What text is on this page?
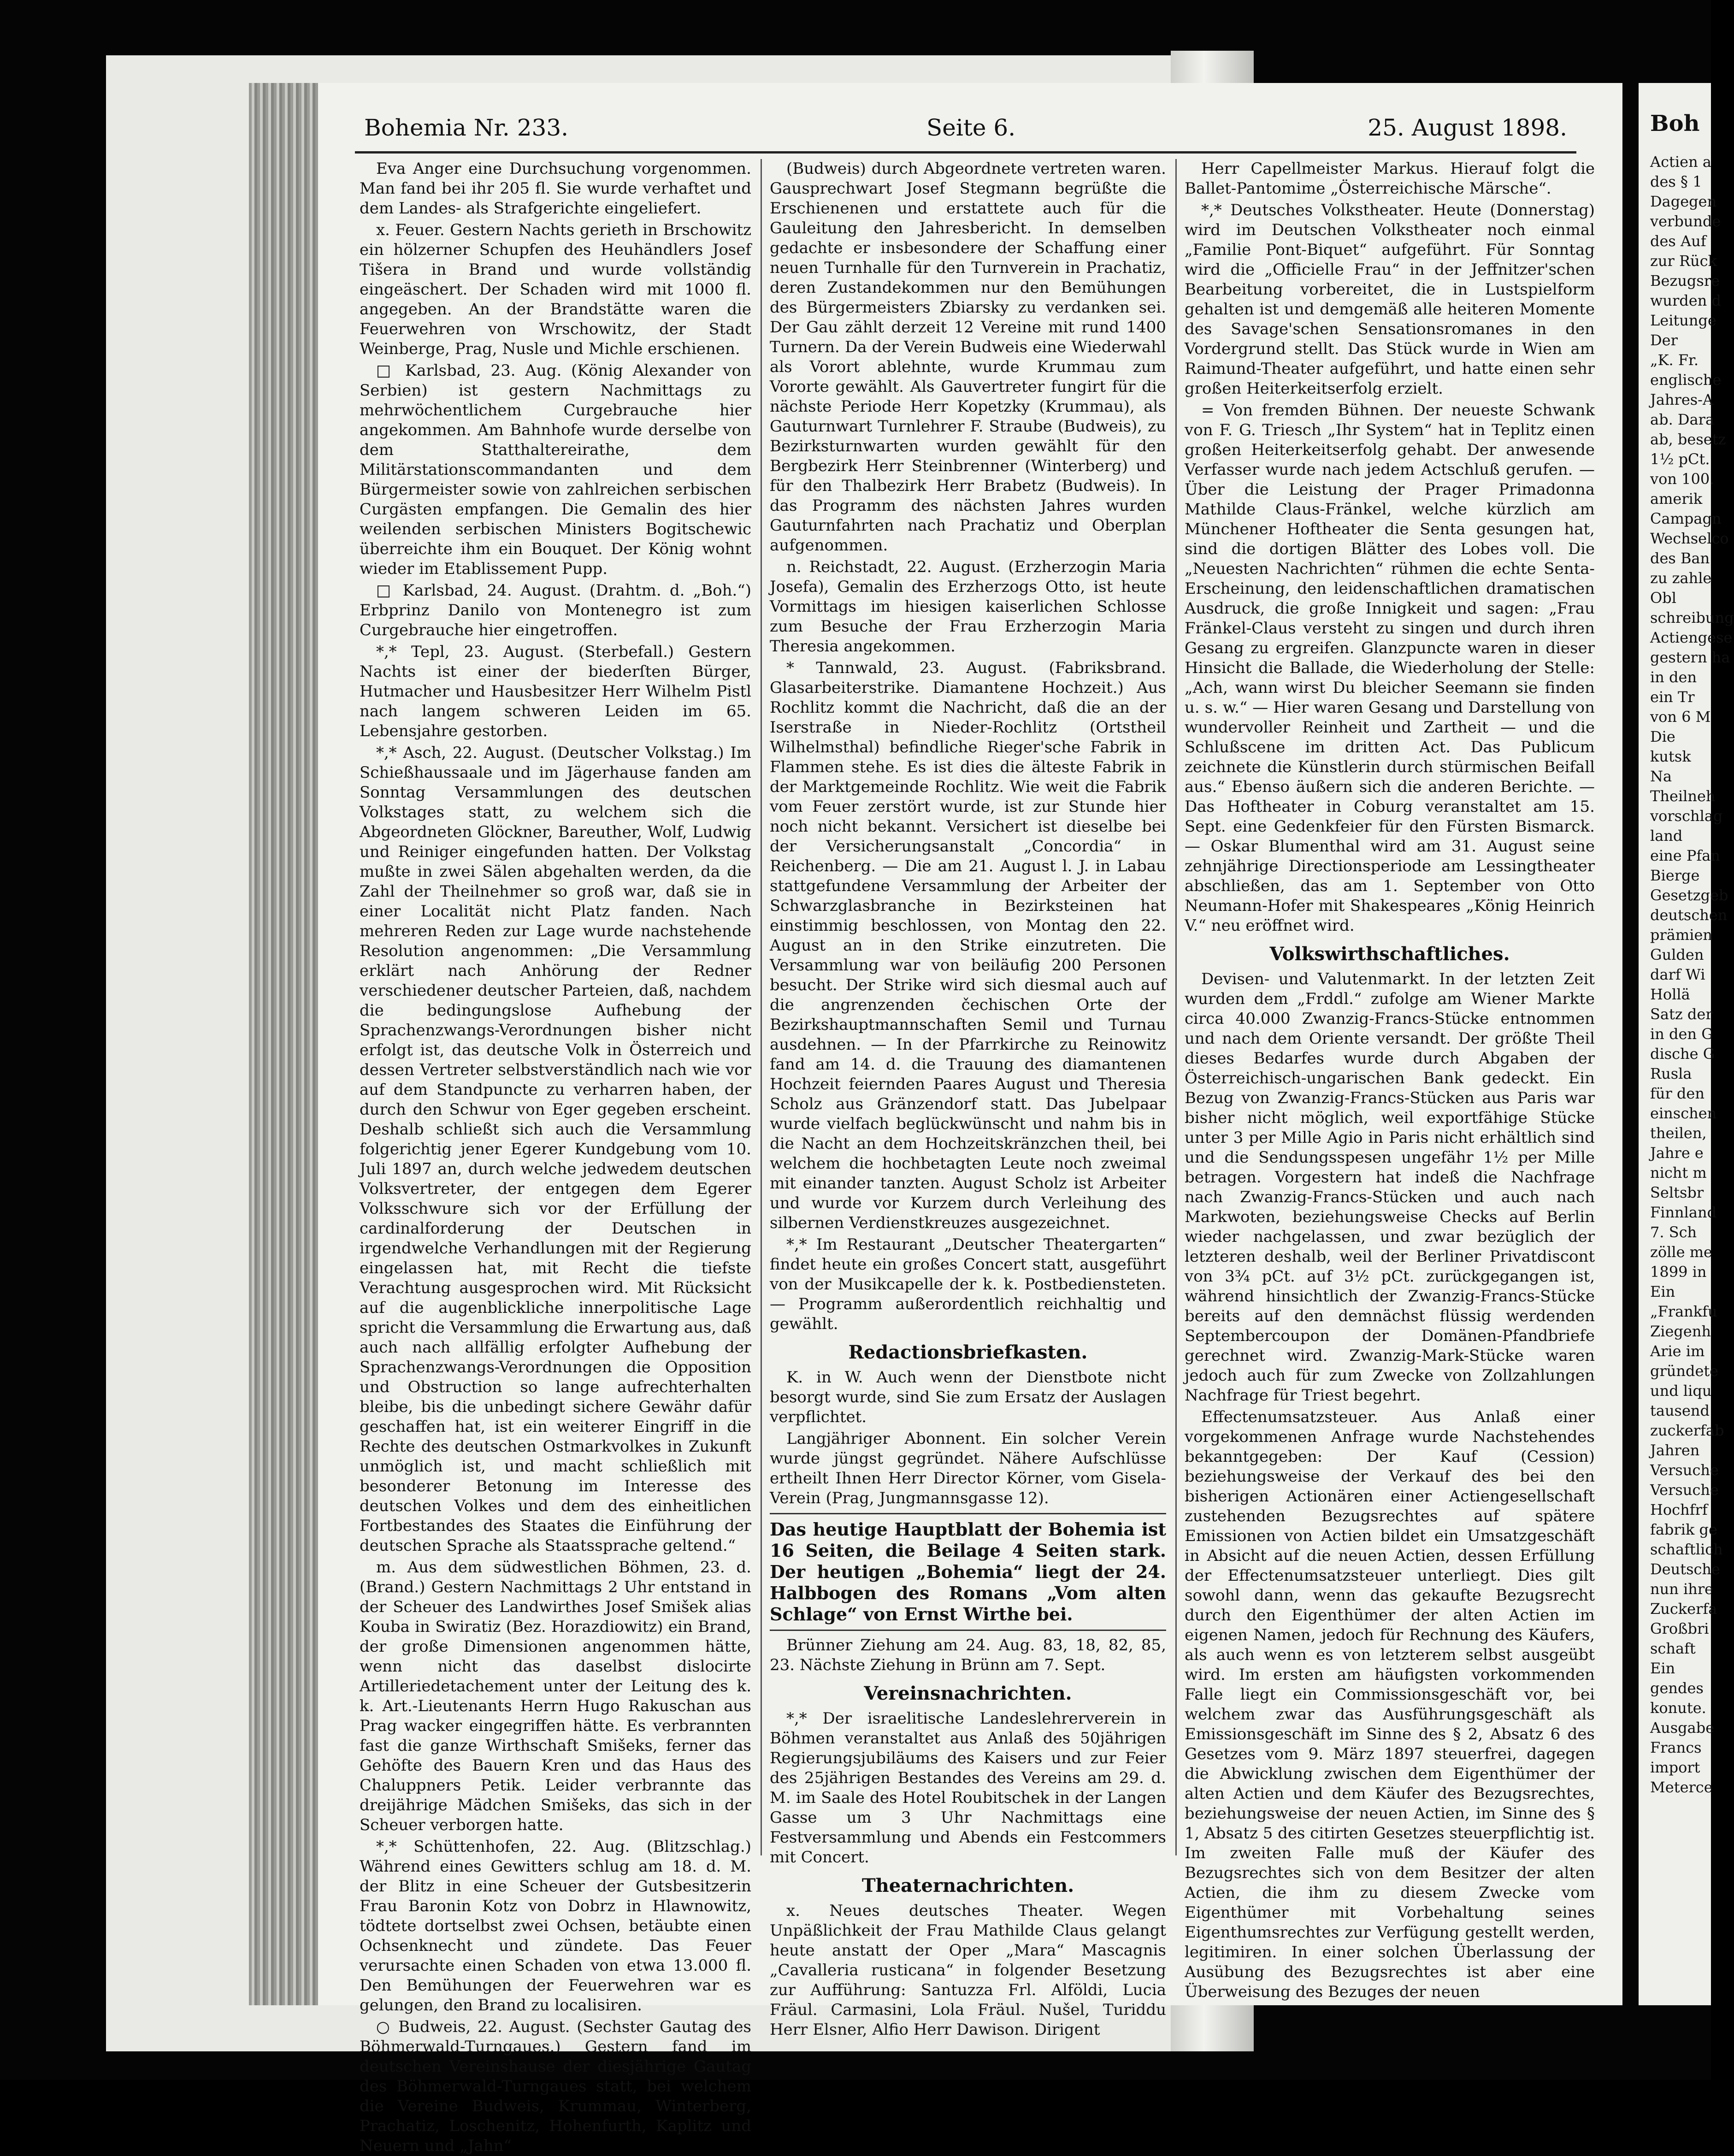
Bohemia Nr. 233.	Seite 6.	25. August 1898.

Eva Anger eine Durchsuchung vorgenommen. Man fand bei ihr 205 fl. Sie wurde verhaftet und dem Landes- als Strafgerichte eingeliefert.

x. Feuer. Gestern Nachts gerieth in Brschowitz ein hölzerner Schupfen des Heuhändlers Josef Tišera in Brand und wurde vollständig eingeäschert. Der Schaden wird mit 1000 fl. angegeben. An der Brandstätte waren die Feuerwehren von Wrschowitz, der Stadt Weinberge, Prag, Nusle und Michle erschienen.

□ Karlsbad, 23. Aug. (König Alexander von Serbien) ist gestern Nachmittags zu mehrwöchentlichem Curgebrauche hier angekommen. Am Bahnhofe wurde derselbe von dem Statthaltereirathe, dem Militärstationscommandanten und dem Bürgermeister sowie von zahlreichen serbischen Curgästen empfangen. Die Gemalin des hier weilenden serbischen Ministers Bogitschewic überreichte ihm ein Bouquet. Der König wohnt wieder im Etablissement Pupp.

□ Karlsbad, 24. August. (Drahtm. d. „Boh.“) Erbprinz Danilo von Montenegro ist zum Curgebrauche hier eingetroffen.

*,* Tepl, 23. August. (Sterbefall.) Gestern Nachts ist einer der biederſten Bürger, Hutmacher und Hausbesitzer Herr Wilhelm Pistl nach langem schweren Leiden im 65. Lebensjahre gestorben.

*,* Asch, 22. August. (Deutscher Volkstag.) Im Schießhaussaale und im Jägerhause fanden am Sonntag Versammlungen des deutschen Volkstages statt, zu welchem sich die Abgeordneten Glöckner, Bareuther, Wolf, Ludwig und Reiniger eingefunden hatten. Der Volkstag mußte in zwei Sälen abgehalten werden, da die Zahl der Theilnehmer so groß war, daß sie in einer Localität nicht Platz fanden. Nach mehreren Reden zur Lage wurde nachstehende Resolution angenommen: „Die Versammlung erklärt nach Anhörung der Redner verschiedener deutscher Parteien, daß, nachdem die bedingungslose Aufhebung der Sprachenzwangs-Verordnungen bisher nicht erfolgt ist, das deutsche Volk in Österreich und dessen Vertreter selbstverständlich nach wie vor auf dem Standpuncte zu verharren haben, der durch den Schwur von Eger gegeben erscheint. Deshalb schließt sich auch die Versammlung folgerichtig jener Egerer Kundgebung vom 10. Juli 1897 an, durch welche jedwedem deutschen Volksvertreter, der entgegen dem Egerer Volksschwure sich vor der Erfüllung der cardinalforderung der Deutschen in irgendwelche Verhandlungen mit der Regierung eingelassen hat, mit Recht die tiefste Verachtung ausgesprochen wird. Mit Rücksicht auf die augenblickliche innerpolitische Lage spricht die Versammlung die Erwartung aus, daß auch nach allfällig erfolgter Aufhebung der Sprachenzwangs-Verordnungen die Opposition und Obstruction so lange aufrechterhalten bleibe, bis die unbedingt sichere Gewähr dafür geschaffen hat, ist ein weiterer Eingriff in die Rechte des deutschen Ostmarkvolkes in Zukunft unmöglich ist, und macht schließlich mit besonderer Betonung im Interesse des deutschen Volkes und dem des einheitlichen Fortbestandes des Staates die Einführung der deutschen Sprache als Staatssprache geltend.“

m. Aus dem südwestlichen Böhmen, 23. d. (Brand.) Gestern Nachmittags 2 Uhr entstand in der Scheuer des Landwirthes Josef Smišek alias Kouba in Swiratiz (Bez. Horazdiowitz) ein Brand, der große Dimensionen angenommen hätte, wenn nicht das daselbst dislocirte Artilleriedetachement unter der Leitung des k. k. Art.-Lieutenants Herrn Hugo Rakuschan aus Prag wacker eingegriffen hätte. Es verbrannten fast die ganze Wirthschaft Smišeks, ferner das Gehöfte des Bauern Kren und das Haus des Chaluppners Petik. Leider verbrannte das dreijährige Mädchen Smišeks, das sich in der Scheuer verborgen hatte.

*,* Schüttenhofen, 22. Aug. (Blitzschlag.) Während eines Gewitters schlug am 18. d. M. der Blitz in eine Scheuer der Gutsbesitzerin Frau Baronin Kotz von Dobrz in Hlawnowitz, tödtete dortselbst zwei Ochsen, betäubte einen Ochsenknecht und zündete. Das Feuer verursachte einen Schaden von etwa 13.000 fl. Den Bemühungen der Feuerwehren war es gelungen, den Brand zu localisiren.

○ Budweis, 22. August. (Sechster Gautag des Böhmerwald-Turngaues.) Gestern fand im deutschen Vereinshause der diesjährige Gautag des Böhmerwald-Turngaues statt, bei welchem die Vereine Budweis, Krummau, Winterberg, Prachatiz, Loschenitz, Hohenfurth, Kaplitz und Neuern und „Jahn“

(Budweis) durch Abgeordnete vertreten waren. Gausprechwart Josef Stegmann begrüßte die Erschienenen und erstattete auch für die Gauleitung den Jahresbericht. In demselben gedachte er insbesondere der Schaffung einer neuen Turnhalle für den Turnverein in Prachatiz, deren Zustandekommen nur den Bemühungen des Bürgermeisters Zbiarsky zu verdanken sei. Der Gau zählt derzeit 12 Vereine mit rund 1400 Turnern. Da der Verein Budweis eine Wiederwahl als Vorort ablehnte, wurde Krummau zum Vororte gewählt. Als Gauvertreter fungirt für die nächste Periode Herr Kopetzky (Krummau), als Gauturnwart Turnlehrer F. Straube (Budweis), zu Bezirksturnwarten wurden gewählt für den Bergbezirk Herr Steinbrenner (Winterberg) und für den Thalbezirk Herr Brabetz (Budweis). In das Programm des nächsten Jahres wurden Gauturnfahrten nach Prachatiz und Oberplan aufgenommen.

n. Reichstadt, 22. August. (Erzherzogin Maria Josefa), Gemalin des Erzherzogs Otto, ist heute Vormittags im hiesigen kaiserlichen Schlosse zum Besuche der Frau Erzherzogin Maria Theresia angekommen.

* Tannwald, 23. August. (Fabriksbrand. Glasarbeiterstrike. Diamantene Hochzeit.) Aus Rochlitz kommt die Nachricht, daß die an der Iserstraße in Nieder-Rochlitz (Ortstheil Wilhelmsthal) befindliche Rieger'sche Fabrik in Flammen stehe. Es ist dies die älteste Fabrik in der Marktgemeinde Rochlitz. Wie weit die Fabrik vom Feuer zerstört wurde, ist zur Stunde hier noch nicht bekannt. Versichert ist dieselbe bei der Versicherungsanstalt „Concordia“ in Reichenberg. — Die am 21. August l. J. in Labau stattgefundene Versammlung der Arbeiter der Schwarzglasbranche in Bezirksteinen hat einstimmig beschlossen, von Montag den 22. August an in den Strike einzutreten. Die Versammlung war von beiläufig 200 Personen besucht. Der Strike wird sich diesmal auch auf die angrenzenden čechischen Orte der Bezirkshauptmannschaften Semil und Turnau ausdehnen. — In der Pfarrkirche zu Reinowitz fand am 14. d. die Trauung des diamantenen Hochzeit feiernden Paares August und Theresia Scholz aus Gränzendorf statt. Das Jubelpaar wurde vielfach beglückwünscht und nahm bis in die Nacht an dem Hochzeitskränzchen theil, bei welchem die hochbetagten Leute noch zweimal mit einander tanzten. August Scholz ist Arbeiter und wurde vor Kurzem durch Verleihung des silbernen Verdienstkreuzes ausgezeichnet.

*,* Im Restaurant „Deutscher Theatergarten“ findet heute ein großes Concert statt, ausgeführt von der Musikcapelle der k. k. Postbediensteten. — Programm außerordentlich reichhaltig und gewählt.

Redactionsbriefkasten.

K. in W. Auch wenn der Dienstbote nicht besorgt wurde, sind Sie zum Ersatz der Auslagen verpflichtet.

Langjähriger Abonnent. Ein solcher Verein wurde jüngst gegründet. Nähere Aufschlüsse ertheilt Ihnen Herr Director Körner, vom Gisela-Verein (Prag, Jungmannsgasse 12).

Das heutige Hauptblatt der Bohemia ist 16 Seiten, die Beilage 4 Seiten stark. Der heutigen „Bohemia“ liegt der 24. Halbbogen des Romans „Vom alten Schlage“ von Ernst Wirthe bei.

Brünner Ziehung am 24. Aug. 83, 18, 82, 85, 23. Nächste Ziehung in Brünn am 7. Sept.

Vereinsnachrichten.

*,* Der israelitische Landeslehrerverein in Böhmen veranstaltet aus Anlaß des 50jährigen Regierungsjubiläums des Kaisers und zur Feier des 25jährigen Bestandes des Vereins am 29. d. M. im Saale des Hotel Roubitschek in der Langen Gasse um 3 Uhr Nachmittags eine Festversammlung und Abends ein Festcommers mit Concert.

Theaternachrichten.

x. Neues deutsches Theater. Wegen Unpäßlichkeit der Frau Mathilde Claus gelangt heute anstatt der Oper „Mara“ Mascagnis „Cavalleria rusticana“ in folgender Besetzung zur Aufführung: Santuzza Frl. Alföldi, Lucia Fräul. Carmasini, Lola Fräul. Nušel, Turiddu Herr Elsner, Alfio Herr Dawison. Dirigent

Herr Capellmeister Markus. Hierauf folgt die Ballet-Pantomime „Österreichische Märsche“.

*,* Deutsches Volkstheater. Heute (Donnerstag) wird im Deutschen Volkstheater noch einmal „Familie Pont-Biquet“ aufgeführt. Für Sonntag wird die „Officielle Frau“ in der Jeffnitzer'schen Bearbeitung vorbereitet, die in Lustspielform gehalten ist und demgemäß alle heiteren Momente des Savage'schen Sensationsromanes in den Vordergrund stellt. Das Stück wurde in Wien am Raimund-Theater aufgeführt, und hatte einen sehr großen Heiterkeitserfolg erzielt.

= Von fremden Bühnen. Der neueste Schwank von F. G. Triesch „Ihr System“ hat in Teplitz einen großen Heiterkeitserfolg gehabt. Der anwesende Verfasser wurde nach jedem Actschluß gerufen. — Über die Leistung der Prager Primadonna Mathilde Claus-Fränkel, welche kürzlich am Münchener Hoftheater die Senta gesungen hat, sind die dortigen Blätter des Lobes voll. Die „Neuesten Nachrichten“ rühmen die echte Senta-Erscheinung, den leidenschaftlichen dramatischen Ausdruck, die große Innigkeit und sagen: „Frau Fränkel-Claus versteht zu singen und durch ihren Gesang zu ergreifen. Glanzpuncte waren in dieser Hinsicht die Ballade, die Wiederholung der Stelle: „Ach, wann wirst Du bleicher Seemann sie finden u. s. w.“ — Hier waren Gesang und Darstellung von wundervoller Reinheit und Zartheit — und die Schlußscene im dritten Act. Das Publicum zeichnete die Künstlerin durch stürmischen Beifall aus.“ Ebenso äußern sich die anderen Berichte. — Das Hoftheater in Coburg veranstaltet am 15. Sept. eine Gedenkfeier für den Fürsten Bismarck. — Oskar Blumenthal wird am 31. August seine zehnjährige Directionsperiode am Lessingtheater abschließen, das am 1. September von Otto Neumann-Hofer mit Shakespeares „König Heinrich V.“ neu eröffnet wird.

Volkswirthschaftliches.

Devisen- und Valutenmarkt. In der letzten Zeit wurden dem „Frddl.“ zufolge am Wiener Markte circa 40.000 Zwanzig-Francs-Stücke entnommen und nach dem Oriente versandt. Der größte Theil dieses Bedarfes wurde durch Abgaben der Österreichisch-ungarischen Bank gedeckt. Ein Bezug von Zwanzig-Francs-Stücken aus Paris war bisher nicht möglich, weil exportfähige Stücke unter 3 per Mille Agio in Paris nicht erhältlich sind und die Sendungsspesen ungefähr 1½ per Mille betragen. Vorgestern hat indeß die Nachfrage nach Zwanzig-Francs-Stücken und auch nach Markwoten, beziehungsweise Checks auf Berlin wieder nachgelassen, und zwar bezüglich der letzteren deshalb, weil der Berliner Privatdiscont von 3¾ pCt. auf 3½ pCt. zurückgegangen ist, während hinsichtlich der Zwanzig-Francs-Stücke bereits auf den demnächst flüssig werdenden Septembercoupon der Domänen-Pfandbriefe gerechnet wird. Zwanzig-Mark-Stücke waren jedoch auch für zum Zwecke von Zollzahlungen Nachfrage für Triest begehrt.

Effectenumsatzsteuer. Aus Anlaß einer vorgekommenen Anfrage wurde Nachstehendes bekanntgegeben: Der Kauf (Cession) beziehungsweise der Verkauf des bei den bisherigen Actionären einer Actiengesellschaft zustehenden Bezugsrechtes auf spätere Emissionen von Actien bildet ein Umsatzgeschäft in Absicht auf die neuen Actien, dessen Erfüllung der Effectenumsatzsteuer unterliegt. Dies gilt sowohl dann, wenn das gekaufte Bezugsrecht durch den Eigenthümer der alten Actien im eigenen Namen, jedoch für Rechnung des Käufers, als auch wenn es von letzterem selbst ausgeübt wird. Im ersten am häufigsten vorkommenden Falle liegt ein Commissionsgeschäft vor, bei welchem zwar das Ausführungsgeschäft als Emissionsgeschäft im Sinne des § 2, Absatz 6 des Gesetzes vom 9. März 1897 steuerfrei, dagegen die Abwicklung zwischen dem Eigenthümer der alten Actien und dem Käufer des Bezugsrechtes, beziehungsweise der neuen Actien, im Sinne des § 1, Absatz 5 des citirten Gesetzes steuerpflichtig ist. Im zweiten Falle muß der Käufer des Bezugsrechtes sich von dem Besitzer der alten Actien, die ihm zu diesem Zwecke vom Eigenthümer mit Vorbehaltung seines Eigenthumsrechtes zur Verfügung gestellt werden, legitimiren. In einer solchen Überlassung der Ausübung des Bezugsrechtes ist aber eine Überweisung des Bezuges der neuen

Boh

Actien a

des § 1

Dagegen

verbunde

des Auf

zur Rück

Bezugsre

wurden d

Leitunge

Der

„K. Fr.

englische

Jahres-A

ab. Dara

ab, besetz

1½ pCt.

von 100.

amerik

Campagn

Wechselco

des Ban

zu zahle

Obl

schreibung

Actiengese

gestern ha

in den

ein Tr

von 6 M

Die

kutsk

Na

Theilneh

vorschlag

land

eine Pfan

Bierge

Gesetzgeb

deutschen

prämien

Gulden

darf Wi

Hollä

Satz der

in den G

dische G

Rusla

für den

einschen

theilen,

Jahre e

nicht m

Seltsbr

Finnland

7. Sch

zölle me

1899 in

Ein

„Frankfu

Ziegenh

Arie im

gründete

und liqu

tausend

zuckerfab

Jahren

Versuche

Versuche

Hochfrf

fabrik ge

schaftlich

Deutsche

nun ihre

Zuckerfa

Großbri

schaft

Ein

gendes

konute.

Ausgabe

Francs

import

Meterce
